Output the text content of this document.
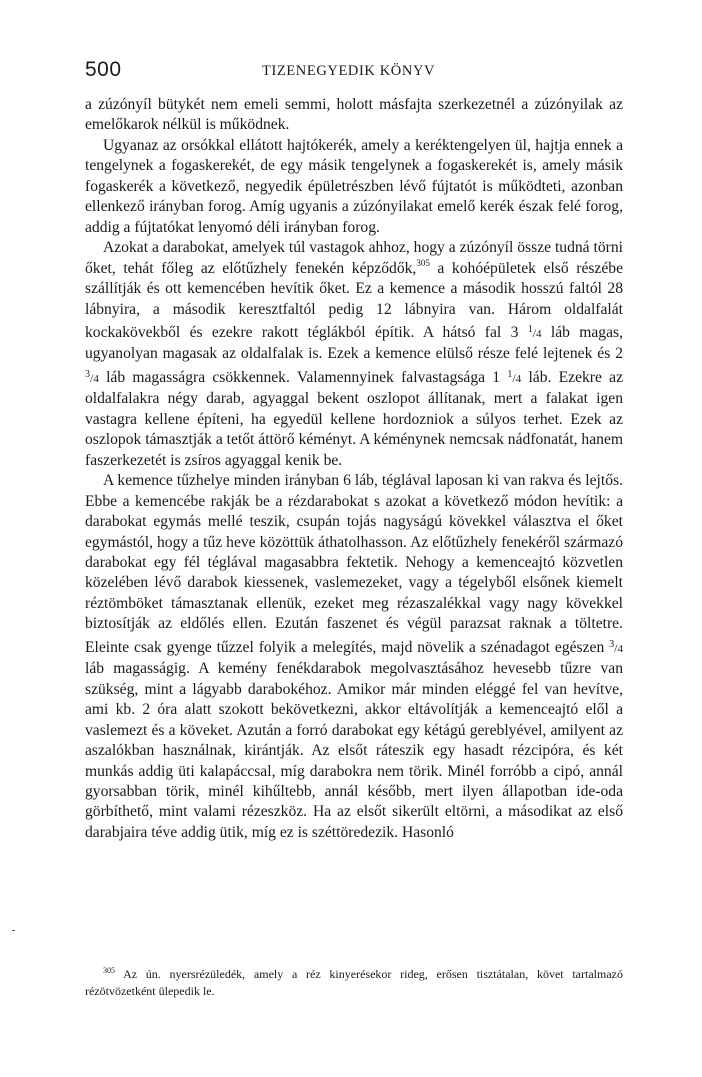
500	TIZENEGYEDIK KÖNYV

a zúzónyíl bütykét nem emeli semmi, holott másfajta szerkezetnél a zúzónyilak az emelőkarok nélkül is működnek.

Ugyanaz az orsókkal ellátott hajtókerék, amely a keréktengelyen ül, hajtja ennek a tengelynek a fogaskerekét, de egy másik tengelynek a fogaskerekét is, amely másik fogaskerék a következő, negyedik épületrészben lévő fújtatót is működteti, azonban ellenkező irányban forog. Amíg ugyanis a zúzónyilakat emelő kerék észak felé forog, addig a fújtatókat lenyomó déli irányban forog.

Azokat a darabokat, amelyek túl vastagok ahhoz, hogy a zúzónyíl össze tudná törni őket, tehát főleg az előtűzhely fenekén képződők,$^{305}$ a kohóépületek első részébe szállítják és ott kemencében hevítik őket. Ez a kemence a második hosszú faltól 28 lábnyira, a második keresztfaltól pedig 12 lábnyira van. Három oldalfalát kockakövekből és ezekre rakott téglákból építik. A hátsó fal 3 $^1$/4 láb magas, ugyanolyan magasak az oldalfalak is. Ezek a kemence elülső része felé lejtenek és 2 $^3$/4 láb magasságra csökkennek. Valamennyinek falvastagsága 1 $^1$/4 láb. Ezekre az oldalfalakra négy darab, agyaggal bekent oszlopot állítanak, mert a falakat igen vastagra kellene építeni, ha egyedül kellene hordozniok a súlyos terhet. Ezek az oszlopok támasztják a tetőt áttörő kéményt. A kéménynek nemcsak nádfonatát, hanem faszerkezetét is zsíros agyaggal kenik be.

A kemence tűzhelye minden irányban 6 láb, téglával laposan ki van rakva és lejtős. Ebbe a kemencébe rakják be a rézdarabokat s azokat a következő módon hevítik: a darabokat egymás mellé teszik, csupán tojás nagyságú kövekkel választva el őket egymástól, hogy a tűz heve közöttük áthatolhasson. Az előtűzhely fenekéről származó darabokat egy fél téglával magasabbra fektetik. Nehogy a kemenceajtó közvetlen közelében lévő darabok kiessenek, vaslemezeket, vagy a tégelyből elsőnek kiemelt réztömböket támasztanak ellenük, ezeket meg rézaszalékkal vagy nagy kövekkel biztosítják az eldőlés ellen. Ezután faszenet és végül parazsat raknak a töltetre. Eleinte csak gyenge tűzzel folyik a melegítés, majd növelik a szénadagot egészen $^3$/4 láb magasságig. A kemény fenékdarabok megolvasztásához hevesebb tűzre van szükség, mint a lágyabb darabokéhoz. Amikor már minden eléggé fel van hevítve, ami kb. 2 óra alatt szokott bekövetkezni, akkor eltávolítják a kemenceajtó elől a vaslemezt és a köveket. Azután a forró darabokat egy kétágú gereblyével, amilyent az aszalókban használnak, kirántják. Az elsőt ráteszik egy hasadt rézcipóra, és két munkás addig üti kalapáccsal, míg darabokra nem törik. Minél forróbb a cipó, annál gyorsabban törik, minél kihűltebb, annál később, mert ilyen állapotban ide-oda görbíthető, mint valami rézeszköz. Ha az elsőt sikerült eltörni, a másodikat az első darabjaira téve addig ütik, míg ez is széttöredezik. Hasonló

$^{305}$ Az ún. nyersrézüledék, amely a réz kinyerésekor rideg, erősen tisztátalan, követ tartalmazó rézötvözetként ülepedik le.
